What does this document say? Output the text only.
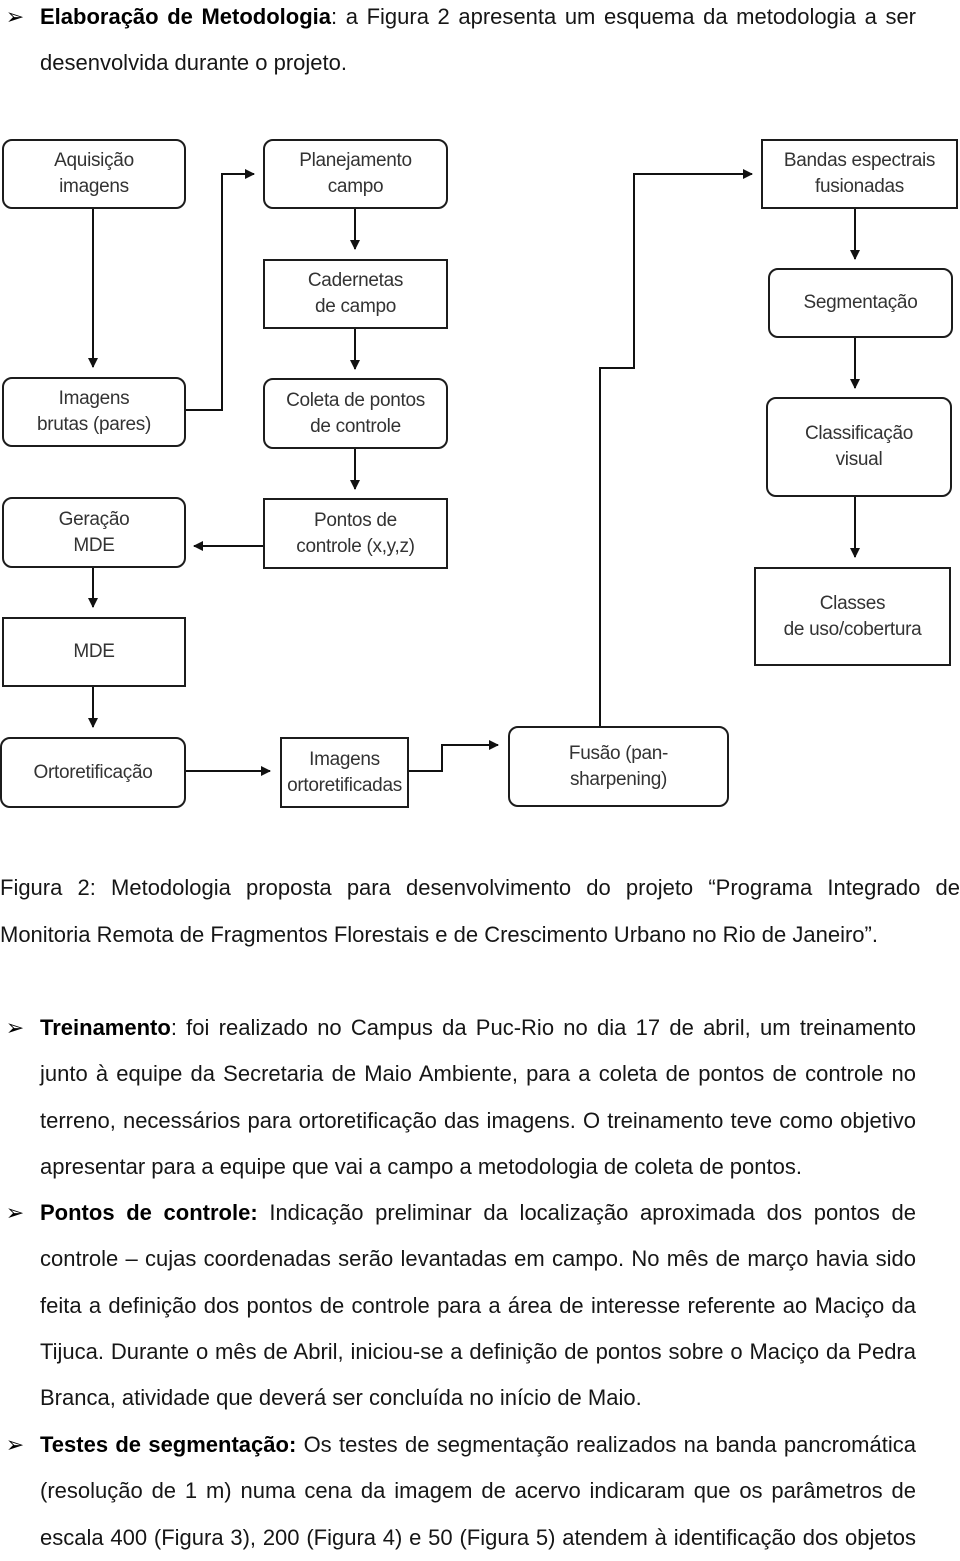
➢ Elaboração de Metodologia: a Figura 2 apresenta um esquema da metodologia a ser
desenvolvida durante o projeto.
Aquisição
imagens
Planejamento
campo
Bandas espectrais
fusionadas
Cadernetas
de campo	Segmentação
Imagens
brutas (pares)
Coleta de pontos
de controle	Classificação
visual
Geração
MDE
Pontos de
controle (x,y,z)
Classes
de uso/cobertura
MDE
Ortoretificação
Imagens
ortoretificadas
Fusão (pan-
sharpening)
Figura 2: Metodologia proposta para desenvolvimento do projeto “Programa Integrado de
Monitoria Remota de Fragmentos Florestais e de Crescimento Urbano no Rio de Janeiro”.
➢ Treinamento: foi realizado no Campus da Puc-Rio no dia 17 de abril, um treinamento
junto à equipe da Secretaria de Maio Ambiente, para a coleta de pontos de controle no
terreno, necessários para ortoretificação das imagens. O treinamento teve como objetivo
apresentar para a equipe que vai a campo a metodologia de coleta de pontos.
➢ Pontos de controle: Indicação preliminar da localização aproximada dos pontos de
controle – cujas coordenadas serão levantadas em campo. No mês de março havia sido
feita a definição dos pontos de controle para a área de interesse referente ao Maciço da
Tijuca. Durante o mês de Abril, iniciou-se a definição de pontos sobre o Maciço da Pedra
Branca, atividade que deverá ser concluída no início de Maio.
➢ Testes de segmentação: Os testes de segmentação realizados na banda pancromática
(resolução de 1 m) numa cena da imagem de acervo indicaram que os parâmetros de
escala 400 (Figura 3), 200 (Figura 4) e 50 (Figura 5) atendem à identificação dos objetos
